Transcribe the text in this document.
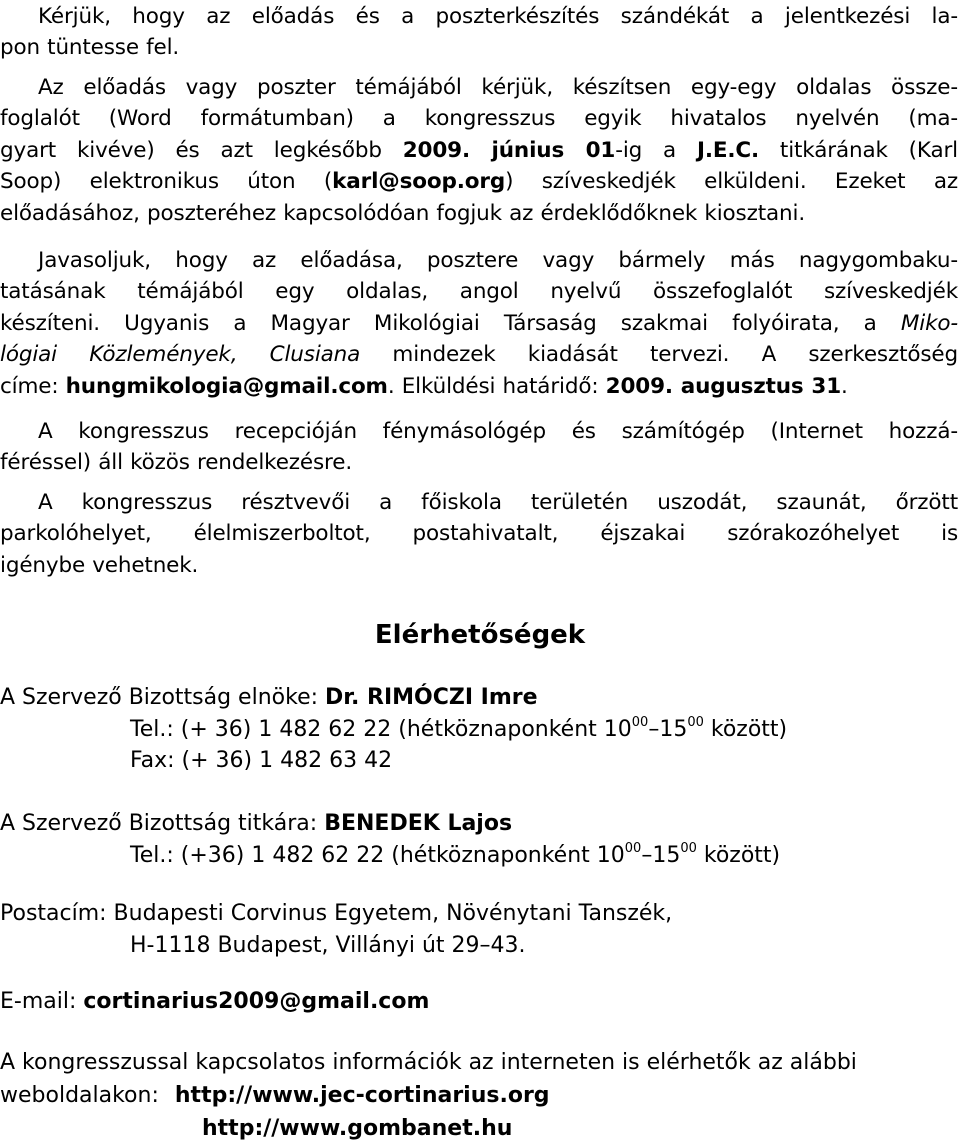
Kérjük, hogy az előadás és a poszterkészítés szándékát a jelentkezési la-
pon tüntesse fel.
Az előadás vagy poszter témájából kérjük, készítsen egy-egy oldalas össze-
foglalót (Word formátumban) a kongresszus egyik hivatalos nyelvén (ma-
gyart kivéve) és azt legkésőbb 2009. június 01-ig a J.E.C. titkárának (Karl
Soop) elektronikus úton (karl@soop.org) szíveskedjék elküldeni. Ezeket az
előadásához, poszteréhez kapcsolódóan fogjuk az érdeklődőknek kiosztani.
Javasoljuk, hogy az előadása, posztere vagy bármely más nagygombaku-
tatásának témájából egy oldalas, angol nyelvű összefoglalót szíveskedjék
készíteni. Ugyanis a Magyar Mikológiai Társaság szakmai folyóirata, a Miko-
lógiai Közlemények, Clusiana mindezek kiadását tervezi. A szerkesztőség
címe: hungmikologia@gmail.com. Elküldési határidő: 2009. augusztus 31.
A kongresszus recepcióján fénymásológép és számítógép (Internet hozzá-
féréssel) áll közös rendelkezésre.
A kongresszus résztvevői a főiskola területén uszodát, szaunát, őrzött
parkolóhelyet, élelmiszerboltot, postahivatalt, éjszakai szórakozóhelyet is
igénybe vehetnek.
Elérhetőségek
A Szervező Bizottság elnöke: Dr. RIMÓCZI Imre
Tel.: (+ 36) 1 482 62 22 (hétköznaponként $10^{00}-15^{00}$ között)
Fax: (+ 36) 1 482 63 42
A Szervező Bizottság titkára: BENEDEK Lajos
Tel.: (+36) 1 482 62 22 (hétköznaponként $10^{00}-15^{00}$ között)
Postacím: Budapesti Corvinus Egyetem, Növénytani Tanszék,
H-1118 Budapest, Villányi út 29–43.
E-mail: cortinarius2009@gmail.com
A kongresszussal kapcsolatos információk az interneten is elérhetők az alábbi
weboldalakon: http://www.jec-cortinarius.org
http://www.gombanet.hu
